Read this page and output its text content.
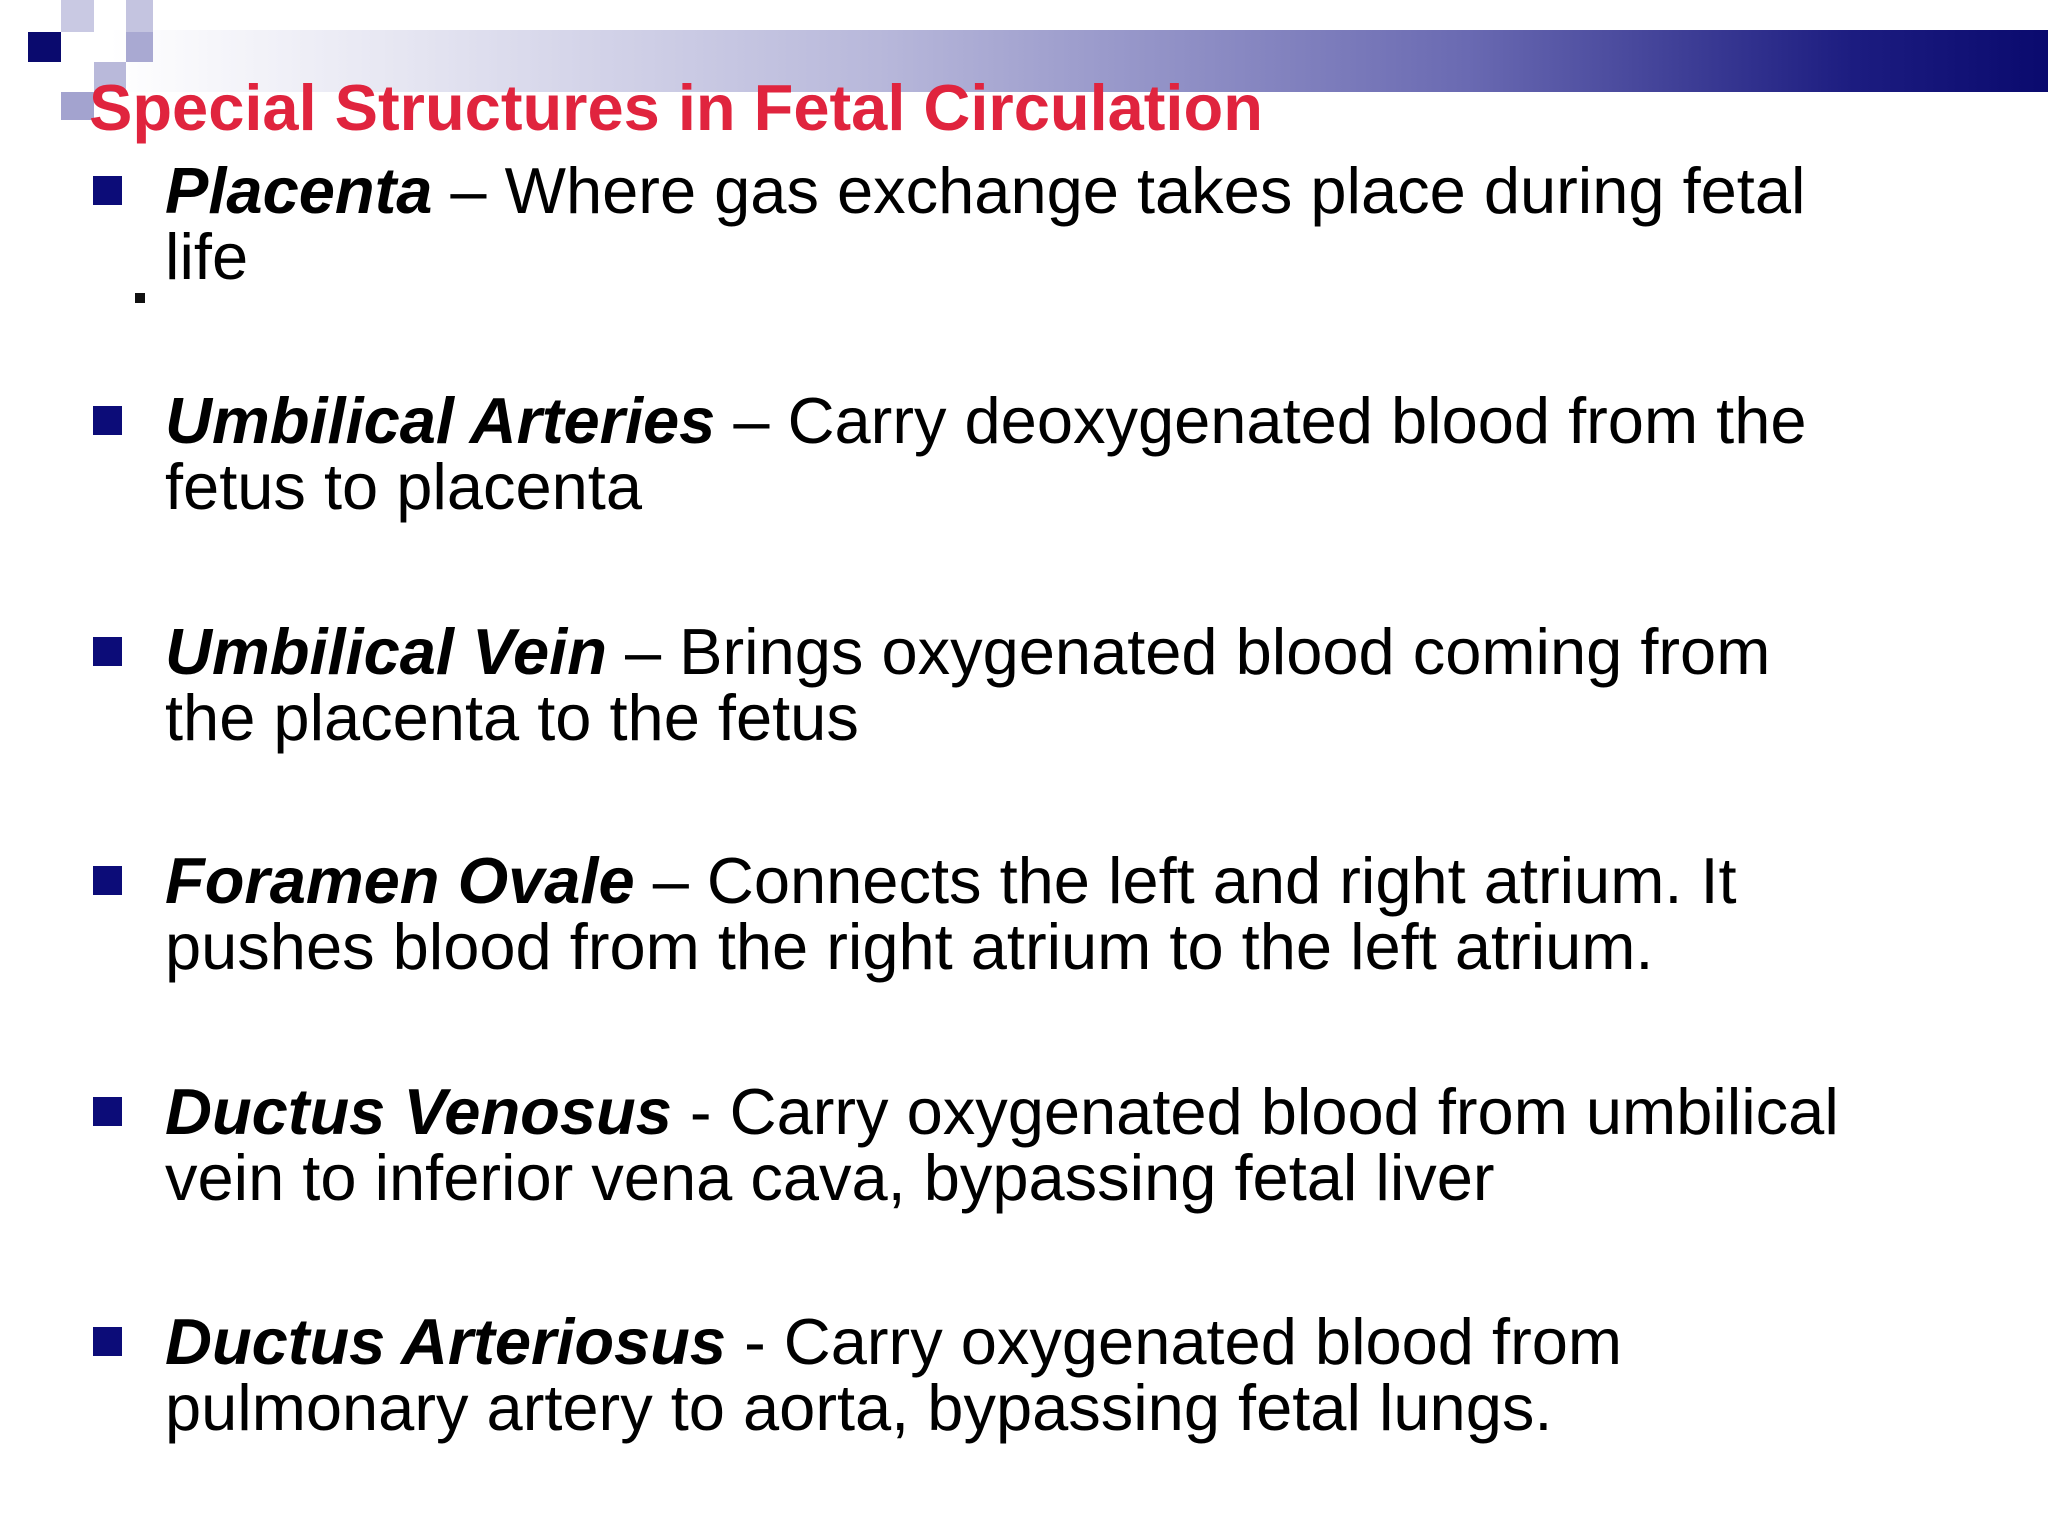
Special Structures in Fetal Circulation
Placenta – Where gas exchange takes place during fetal
life
Umbilical Arteries – Carry deoxygenated blood from the
fetus to placenta
Umbilical Vein – Brings oxygenated blood coming from
the placenta to the fetus
Foramen Ovale – Connects the left and right atrium. It
pushes blood from the right atrium to the left atrium.
Ductus Venosus - Carry oxygenated blood from umbilical
vein to inferior vena cava, bypassing fetal liver
Ductus Arteriosus - Carry oxygenated blood from
pulmonary artery to aorta, bypassing fetal lungs.
